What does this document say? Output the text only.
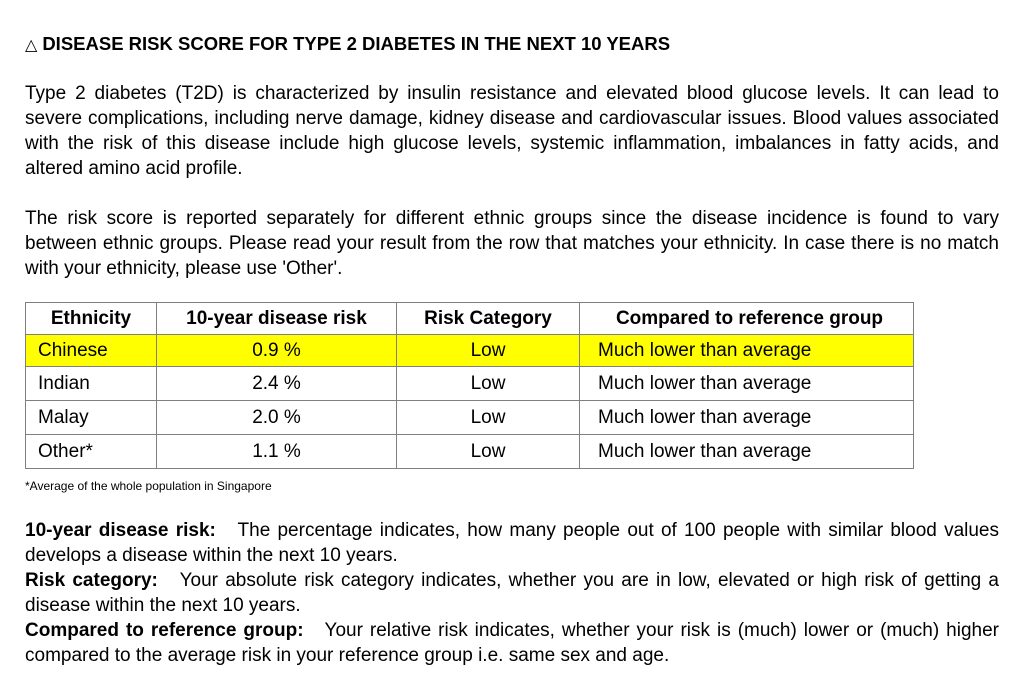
△ DISEASE RISK SCORE FOR TYPE 2 DIABETES IN THE NEXT 10 YEARS

Type 2 diabetes (T2D) is characterized by insulin resistance and elevated blood glucose levels. It can lead to severe complications, including nerve damage, kidney disease and cardiovascular issues. Blood values associated with the risk of this disease include high glucose levels, systemic inflammation, imbalances in fatty acids, and altered amino acid profile.

The risk score is reported separately for different ethnic groups since the disease incidence is found to vary between ethnic groups. Please read your result from the row that matches your ethnicity. In case there is no match with your ethnicity, please use 'Other'.

Ethnicity	10-year disease risk	Risk Category	Compared to reference group
Chinese	0.9 %	Low	Much lower than average
Indian	2.4 %	Low	Much lower than average
Malay	2.0 %	Low	Much lower than average
Other*	1.1 %	Low	Much lower than average
*Average of the whole population in Singapore

10-year disease risk: The percentage indicates, how many people out of 100 people with similar blood values develops a disease within the next 10 years.

Risk category: Your absolute risk category indicates, whether you are in low, elevated or high risk of getting a disease within the next 10 years.

Compared to reference group: Your relative risk indicates, whether your risk is (much) lower or (much) higher compared to the average risk in your reference group i.e. same sex and age.
